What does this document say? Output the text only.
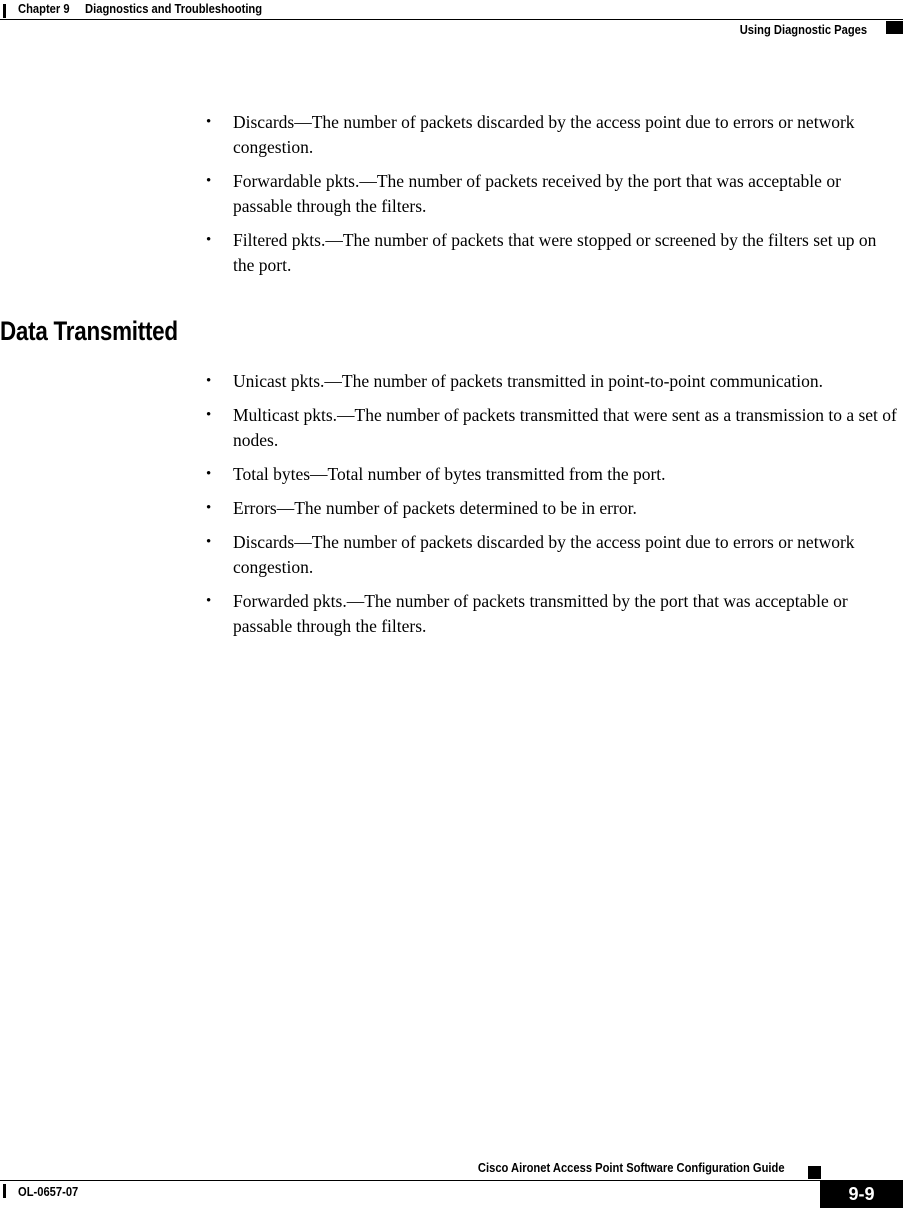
Chapter 9 Diagnostics and Troubleshooting
Using Diagnostic Pages
• Discards—The number of packets discarded by the access point due to errors or network congestion.
• Forwardable pkts.—The number of packets received by the port that was acceptable or passable through the filters.
• Filtered pkts.—The number of packets that were stopped or screened by the filters set up on the port.
Data Transmitted
• Unicast pkts.—The number of packets transmitted in point-to-point communication.
• Multicast pkts.—The number of packets transmitted that were sent as a transmission to a set of nodes.
• Total bytes—Total number of bytes transmitted from the port.
• Errors—The number of packets determined to be in error.
• Discards—The number of packets discarded by the access point due to errors or network congestion.
• Forwarded pkts.—The number of packets transmitted by the port that was acceptable or passable through the filters.
Cisco Aironet Access Point Software Configuration Guide
OL-0657-07	9-9
